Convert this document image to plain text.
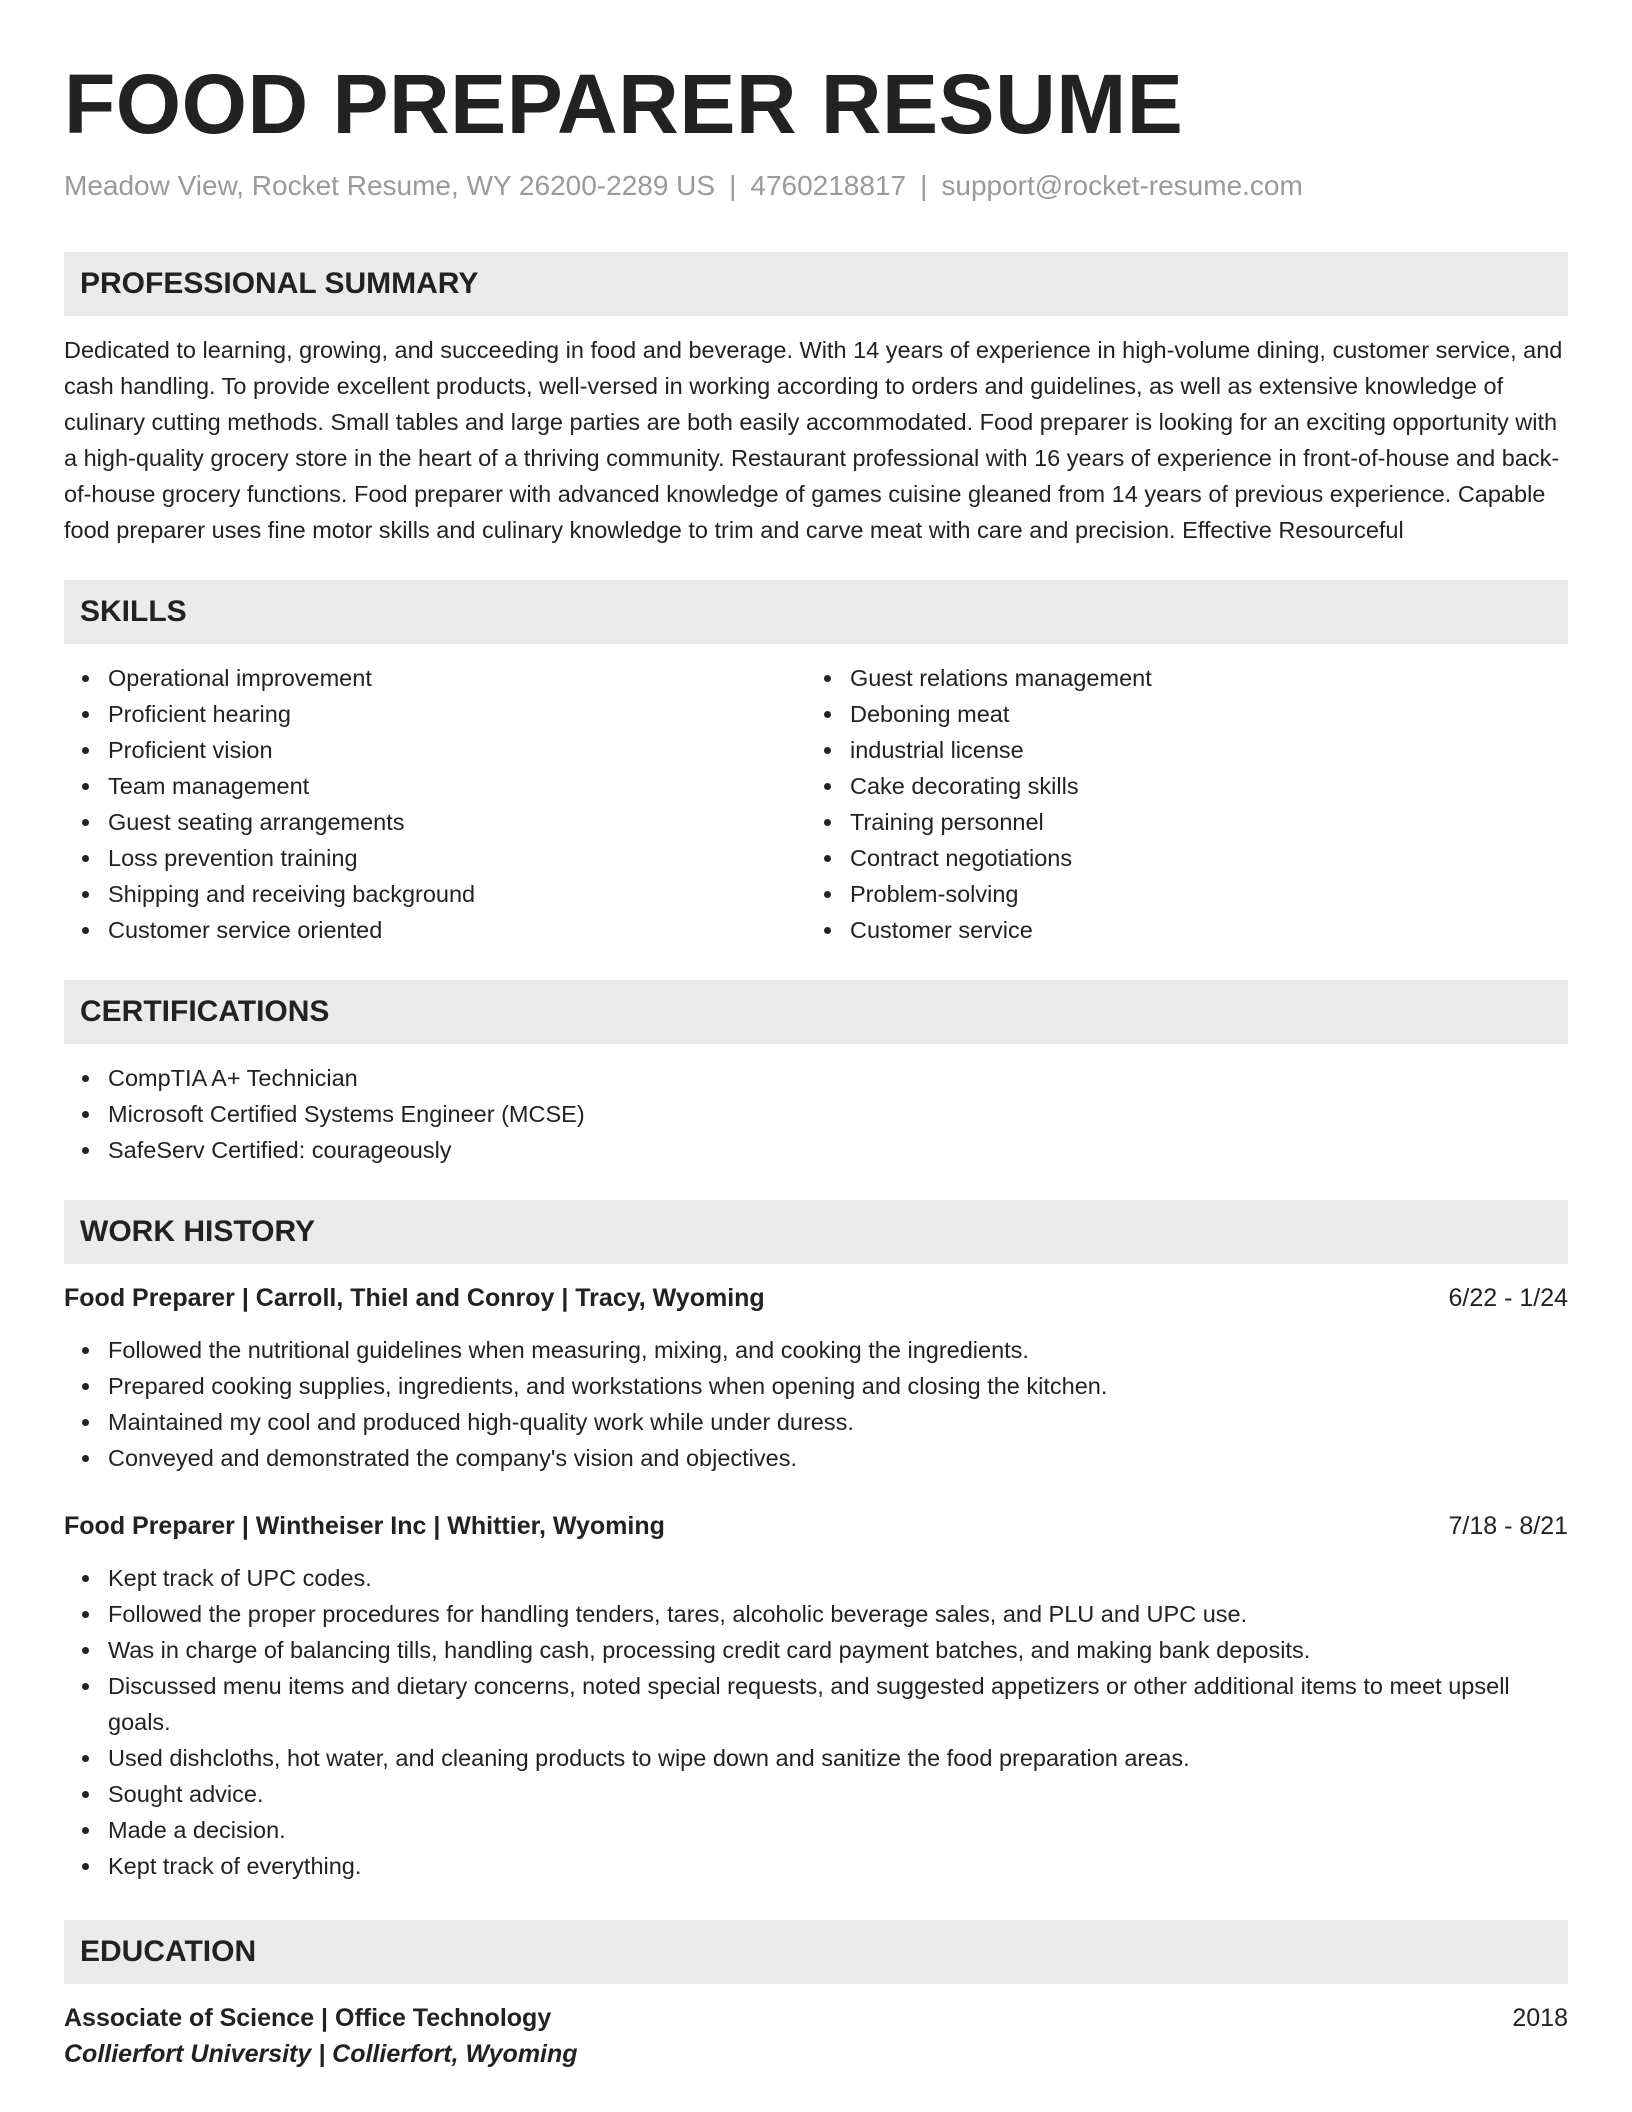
FOOD PREPARER RESUME
Meadow View, Rocket Resume, WY 26200-2289 US | 4760218817 | support@rocket-resume.com
PROFESSIONAL SUMMARY

Dedicated to learning, growing, and succeeding in food and beverage. With 14 years of experience in high-volume dining, customer service, and cash handling. To provide excellent products, well-versed in working according to orders and guidelines, as well as extensive knowledge of culinary cutting methods. Small tables and large parties are both easily accommodated. Food preparer is looking for an exciting opportunity with a high-quality grocery store in the heart of a thriving community. Restaurant professional with 16 years of experience in front-of-house and back-of-house grocery functions. Food preparer with advanced knowledge of games cuisine gleaned from 14 years of previous experience. Capable food preparer uses fine motor skills and culinary knowledge to trim and carve meat with care and precision. Effective Resourceful

SKILLS
Operational improvement
Proficient hearing
Proficient vision
Team management
Guest seating arrangements
Loss prevention training
Shipping and receiving background
Customer service oriented
Guest relations management
Deboning meat
industrial license
Cake decorating skills
Training personnel
Contract negotiations
Problem-solving
Customer service
CERTIFICATIONS
CompTIA A+ Technician
Microsoft Certified Systems Engineer (MCSE)
SafeServ Certified: courageously
WORK HISTORY
Food Preparer | Carroll, Thiel and Conroy | Tracy, Wyoming	6/22 - 1/24
Followed the nutritional guidelines when measuring, mixing, and cooking the ingredients.
Prepared cooking supplies, ingredients, and workstations when opening and closing the kitchen.
Maintained my cool and produced high-quality work while under duress.
Conveyed and demonstrated the company's vision and objectives.
Food Preparer | Wintheiser Inc | Whittier, Wyoming	7/18 - 8/21
Kept track of UPC codes.
Followed the proper procedures for handling tenders, tares, alcoholic beverage sales, and PLU and UPC use.
Was in charge of balancing tills, handling cash, processing credit card payment batches, and making bank deposits.
Discussed menu items and dietary concerns, noted special requests, and suggested appetizers or other additional items to meet upsell goals.
Used dishcloths, hot water, and cleaning products to wipe down and sanitize the food preparation areas.
Sought advice.
Made a decision.
Kept track of everything.
EDUCATION
Associate of Science | Office Technology	2018
Collierfort University | Collierfort, Wyoming
